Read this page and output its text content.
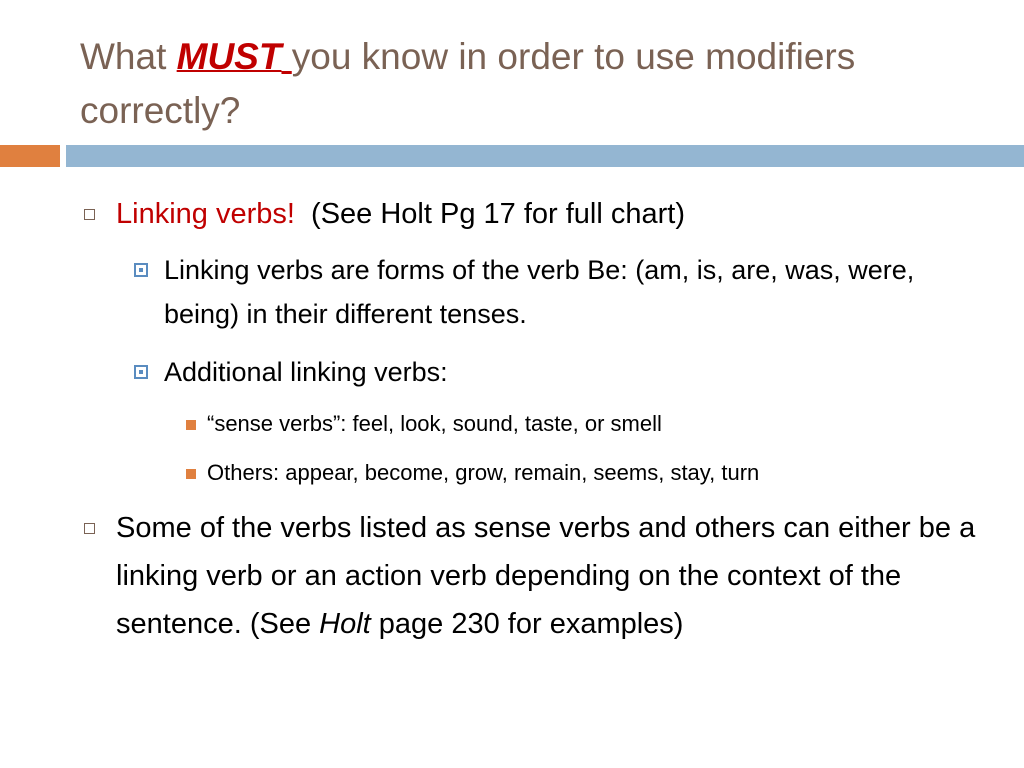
What MUST you know in order to use modifiers correctly?
Linking verbs!  (See Holt Pg 17 for full chart)
Linking verbs are forms of the verb Be: (am, is, are, was, were, being) in their different tenses.
Additional linking verbs:
“sense verbs”: feel, look, sound, taste, or smell
Others: appear, become, grow, remain, seems, stay, turn
Some of the verbs listed as sense verbs and others can either be a linking verb or an action verb depending on the context of the sentence. (See Holt page 230 for examples)
